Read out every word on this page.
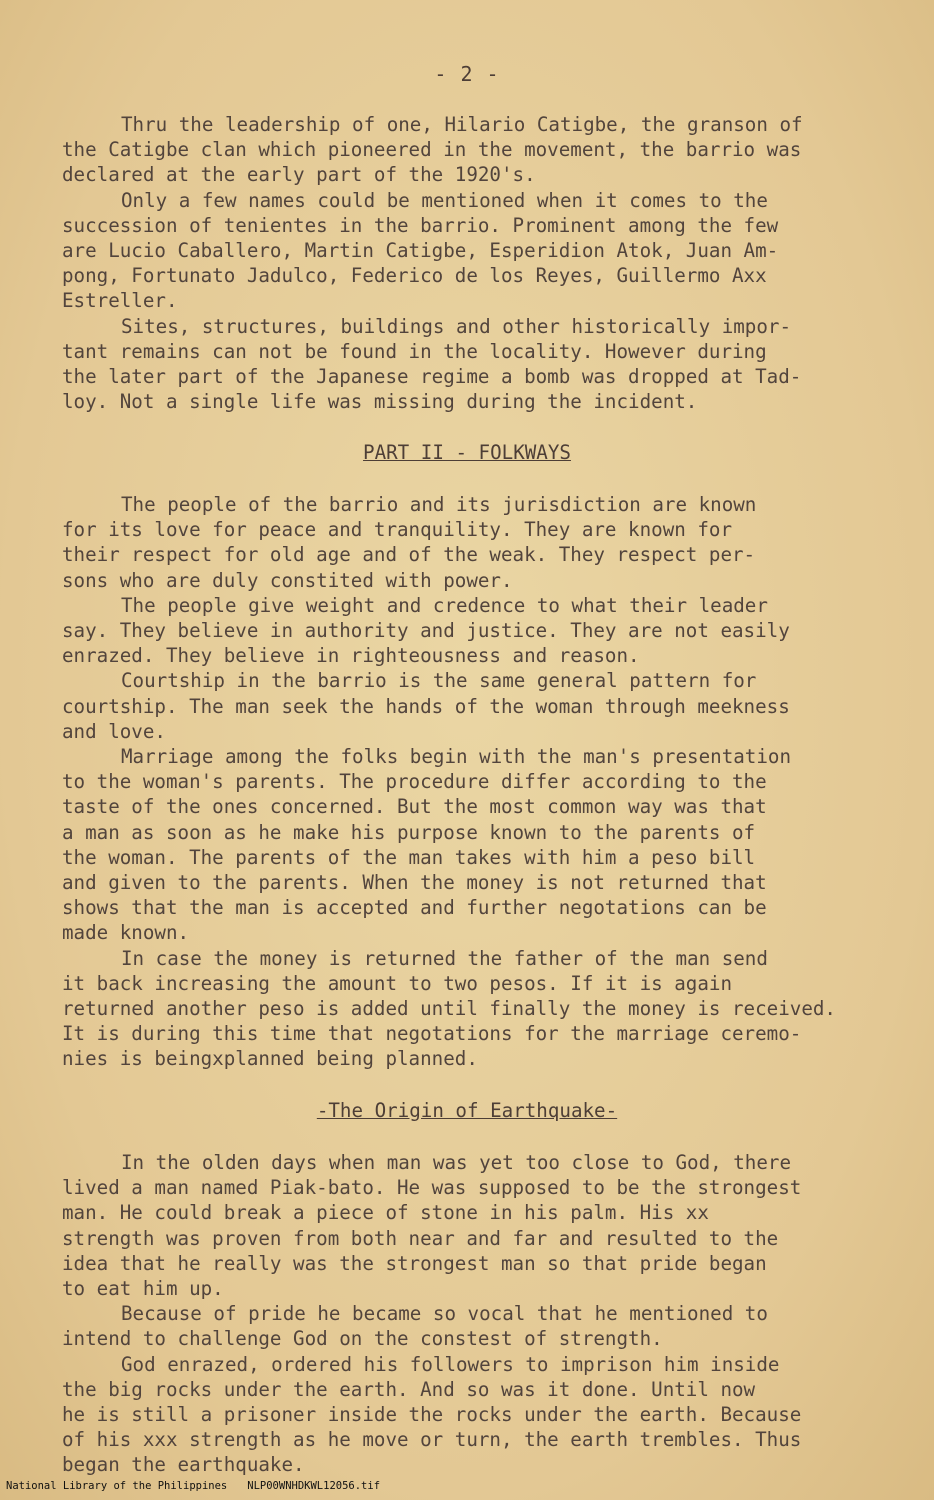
- 2 -
Thru the leadership of one, Hilario Catigbe, the granson of
the Catigbe clan which pioneered in the movement, the barrio was
declared at the early part of the 1920's.
Only a few names could be mentioned when it comes to the
succession of tenientes in the barrio. Prominent among the few
are Lucio Caballero, Martin Catigbe, Esperidion Atok, Juan Am-
pong, Fortunato Jadulco, Federico de los Reyes, Guillermo Axx
Estreller.
Sites, structures, buildings and other historically impor-
tant remains can not be found in the locality. However during
the later part of the Japanese regime a bomb was dropped at Tad-
loy. Not a single life was missing during the incident.
PART II - FOLKWAYS
The people of the barrio and its jurisdiction are known
for its love for peace and tranquility. They are known for
their respect for old age and of the weak. They respect per-
sons who are duly constited with power.
The people give weight and credence to what their leader
say. They believe in authority and justice. They are not easily
enrazed. They believe in righteousness and reason.
Courtship in the barrio is the same general pattern for
courtship. The man seek the hands of the woman through meekness
and love.
Marriage among the folks begin with the man's presentation
to the woman's parents. The procedure differ according to the
taste of the ones concerned. But the most common way was that
a man as soon as he make his purpose known to the parents of
the woman. The parents of the man takes with him a peso bill
and given to the parents. When the money is not returned that
shows that the man is accepted and further negotations can be
made known.
In case the money is returned the father of the man send
it back increasing the amount to two pesos. If it is again
returned another peso is added until finally the money is received.
It is during this time that negotations for the marriage ceremo-
nies is beingxplanned being planned.
-The Origin of Earthquake-
In the olden days when man was yet too close to God, there
lived a man named Piak-bato. He was supposed to be the strongest
man. He could break a piece of stone in his palm. His xx
strength was proven from both near and far and resulted to the
idea that he really was the strongest man so that pride began
to eat him up.
Because of pride he became so vocal that he mentioned to
intend to challenge God on the constest of strength.
God enrazed, ordered his followers to imprison him inside
the big rocks under the earth. And so was it done. Until now
he is still a prisoner inside the rocks under the earth. Because
of his xxx strength as he move or turn, the earth trembles. Thus
began the earthquake.
National Library of the Philippines NLP00WNHDKWL12056.tif
